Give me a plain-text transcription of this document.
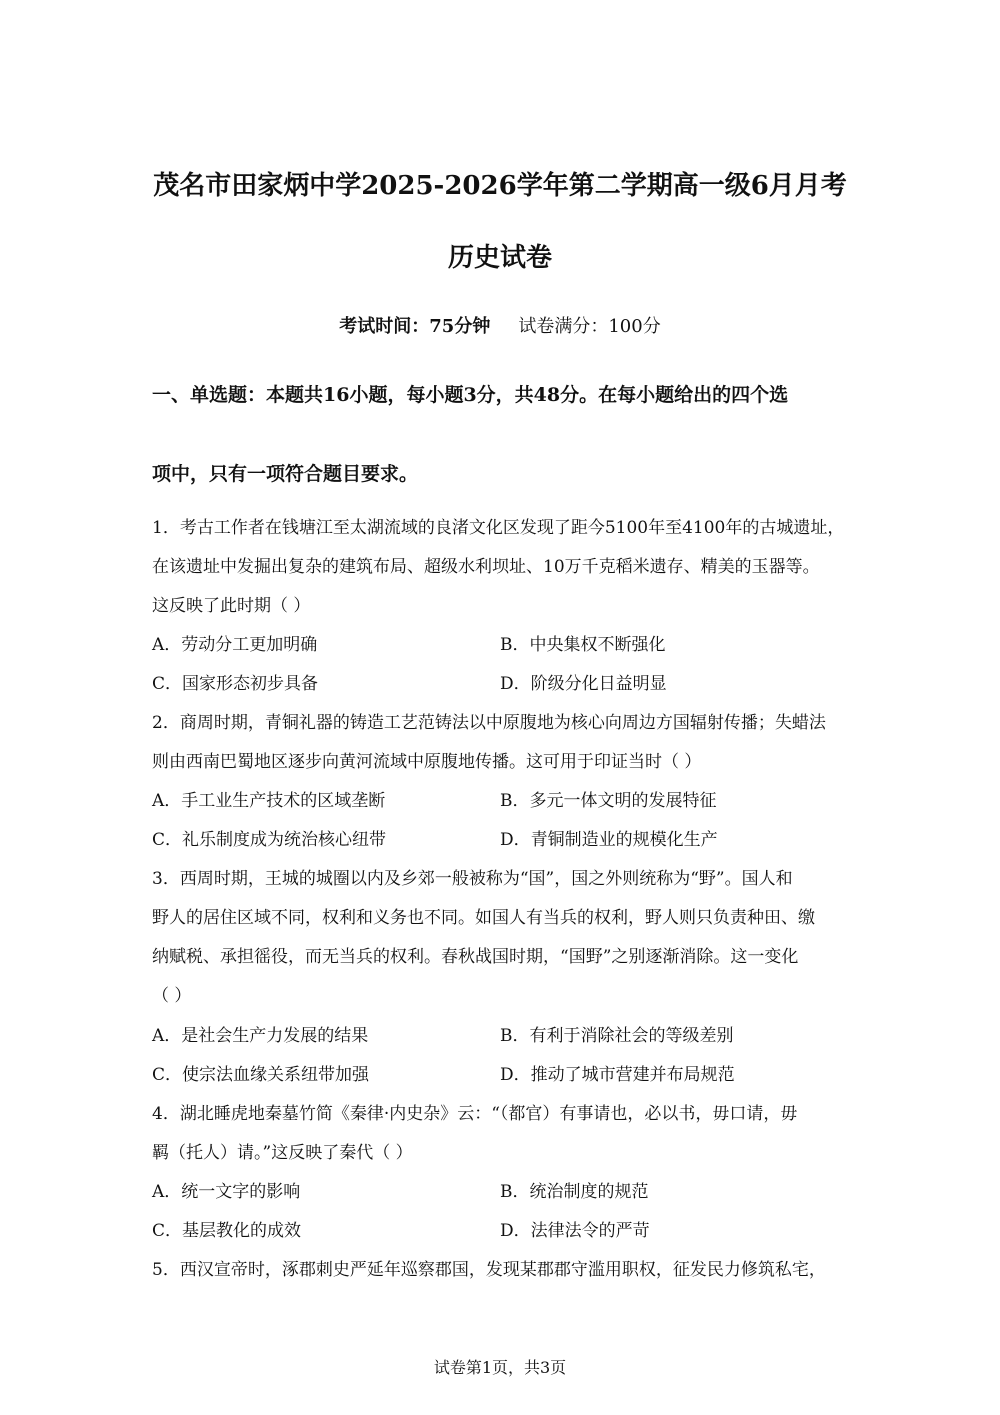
茂名市田家炳中学2025-2026学年第二学期高一级6月月考
历史试卷
考试时间：75分钟 试卷满分：100分
一、单选题：本题共16小题，每小题3分，共48分。在每小题给出的四个选
项中，只有一项符合题目要求。
1．考古工作者在钱塘江至太湖流域的良渚文化区发现了距今5100年至4100年的古城遗址，
在该遗址中发掘出复杂的建筑布局、超级水利坝址、10万千克稻米遗存、精美的玉器等。
这反映了此时期（ ）
A．劳动分工更加明确	B．中央集权不断强化
C．国家形态初步具备	D．阶级分化日益明显
2．商周时期，青铜礼器的铸造工艺范铸法以中原腹地为核心向周边方国辐射传播；失蜡法
则由西南巴蜀地区逐步向黄河流域中原腹地传播。这可用于印证当时（ ）
A．手工业生产技术的区域垄断	B．多元一体文明的发展特征
C．礼乐制度成为统治核心纽带	D．青铜制造业的规模化生产
3．西周时期，王城的城圈以内及乡郊一般被称为“国”，国之外则统称为“野”。国人和
野人的居住区域不同，权利和义务也不同。如国人有当兵的权利，野人则只负责种田、缴
纳赋税、承担徭役，而无当兵的权利。春秋战国时期，“国野”之别逐渐消除。这一变化
（ ）
A．是社会生产力发展的结果	B．有利于消除社会的等级差别
C．使宗法血缘关系纽带加强	D．推动了城市营建并布局规范
4．湖北睡虎地秦墓竹简《秦律·内史杂》云：“（都官）有事请也，必以书，毋口请，毋
羁（托人）请。”这反映了秦代（ ）
A．统一文字的影响	B．统治制度的规范
C．基层教化的成效	D．法律法令的严苛
5．西汉宣帝时，涿郡刺史严延年巡察郡国，发现某郡郡守滥用职权，征发民力修筑私宅，
试卷第1页，共3页
